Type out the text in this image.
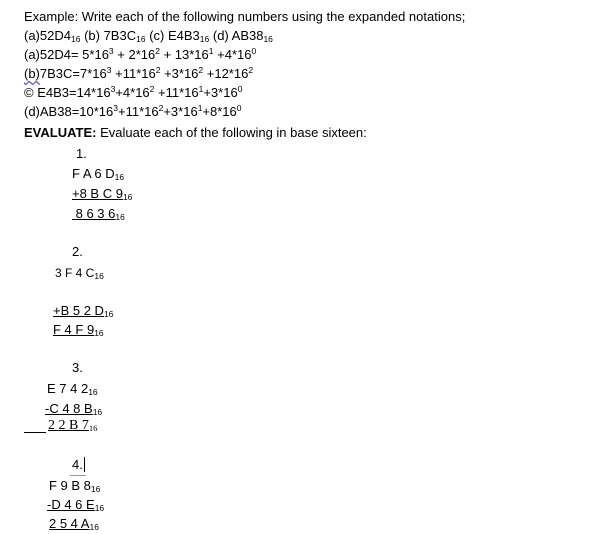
Example: Write each of the following numbers using the expanded notations;
(a)52D416 (b) 7B3C16 (c) E4B316 (d) AB3816
$(a)52D4= 5*16^3 + 2*16^2 + 13*16^1 +4*16^0$
$(b)7B3C=7*16^3 +11*16^2 +3*16^2 +12*16^2$
© $E4B3=14*16^3+4*16^2 +11*16^1+3*16^0$
$(d)AB38=10*16^3+11*16^2+3*16^1+8*16^0$
EVALUATE: Evaluate each of the following in base sixteen:
1.
F A 6 D16
+8 B C 916
8 6 3 616
2.
3 F 4 C16
+B 5 2 D16
F 4 F 916
3.
E 7 4 216
-C 4 8 B16
2 2 B 716
4.
F 9 B 816
-D 4 6 E16
2 5 4 A16
